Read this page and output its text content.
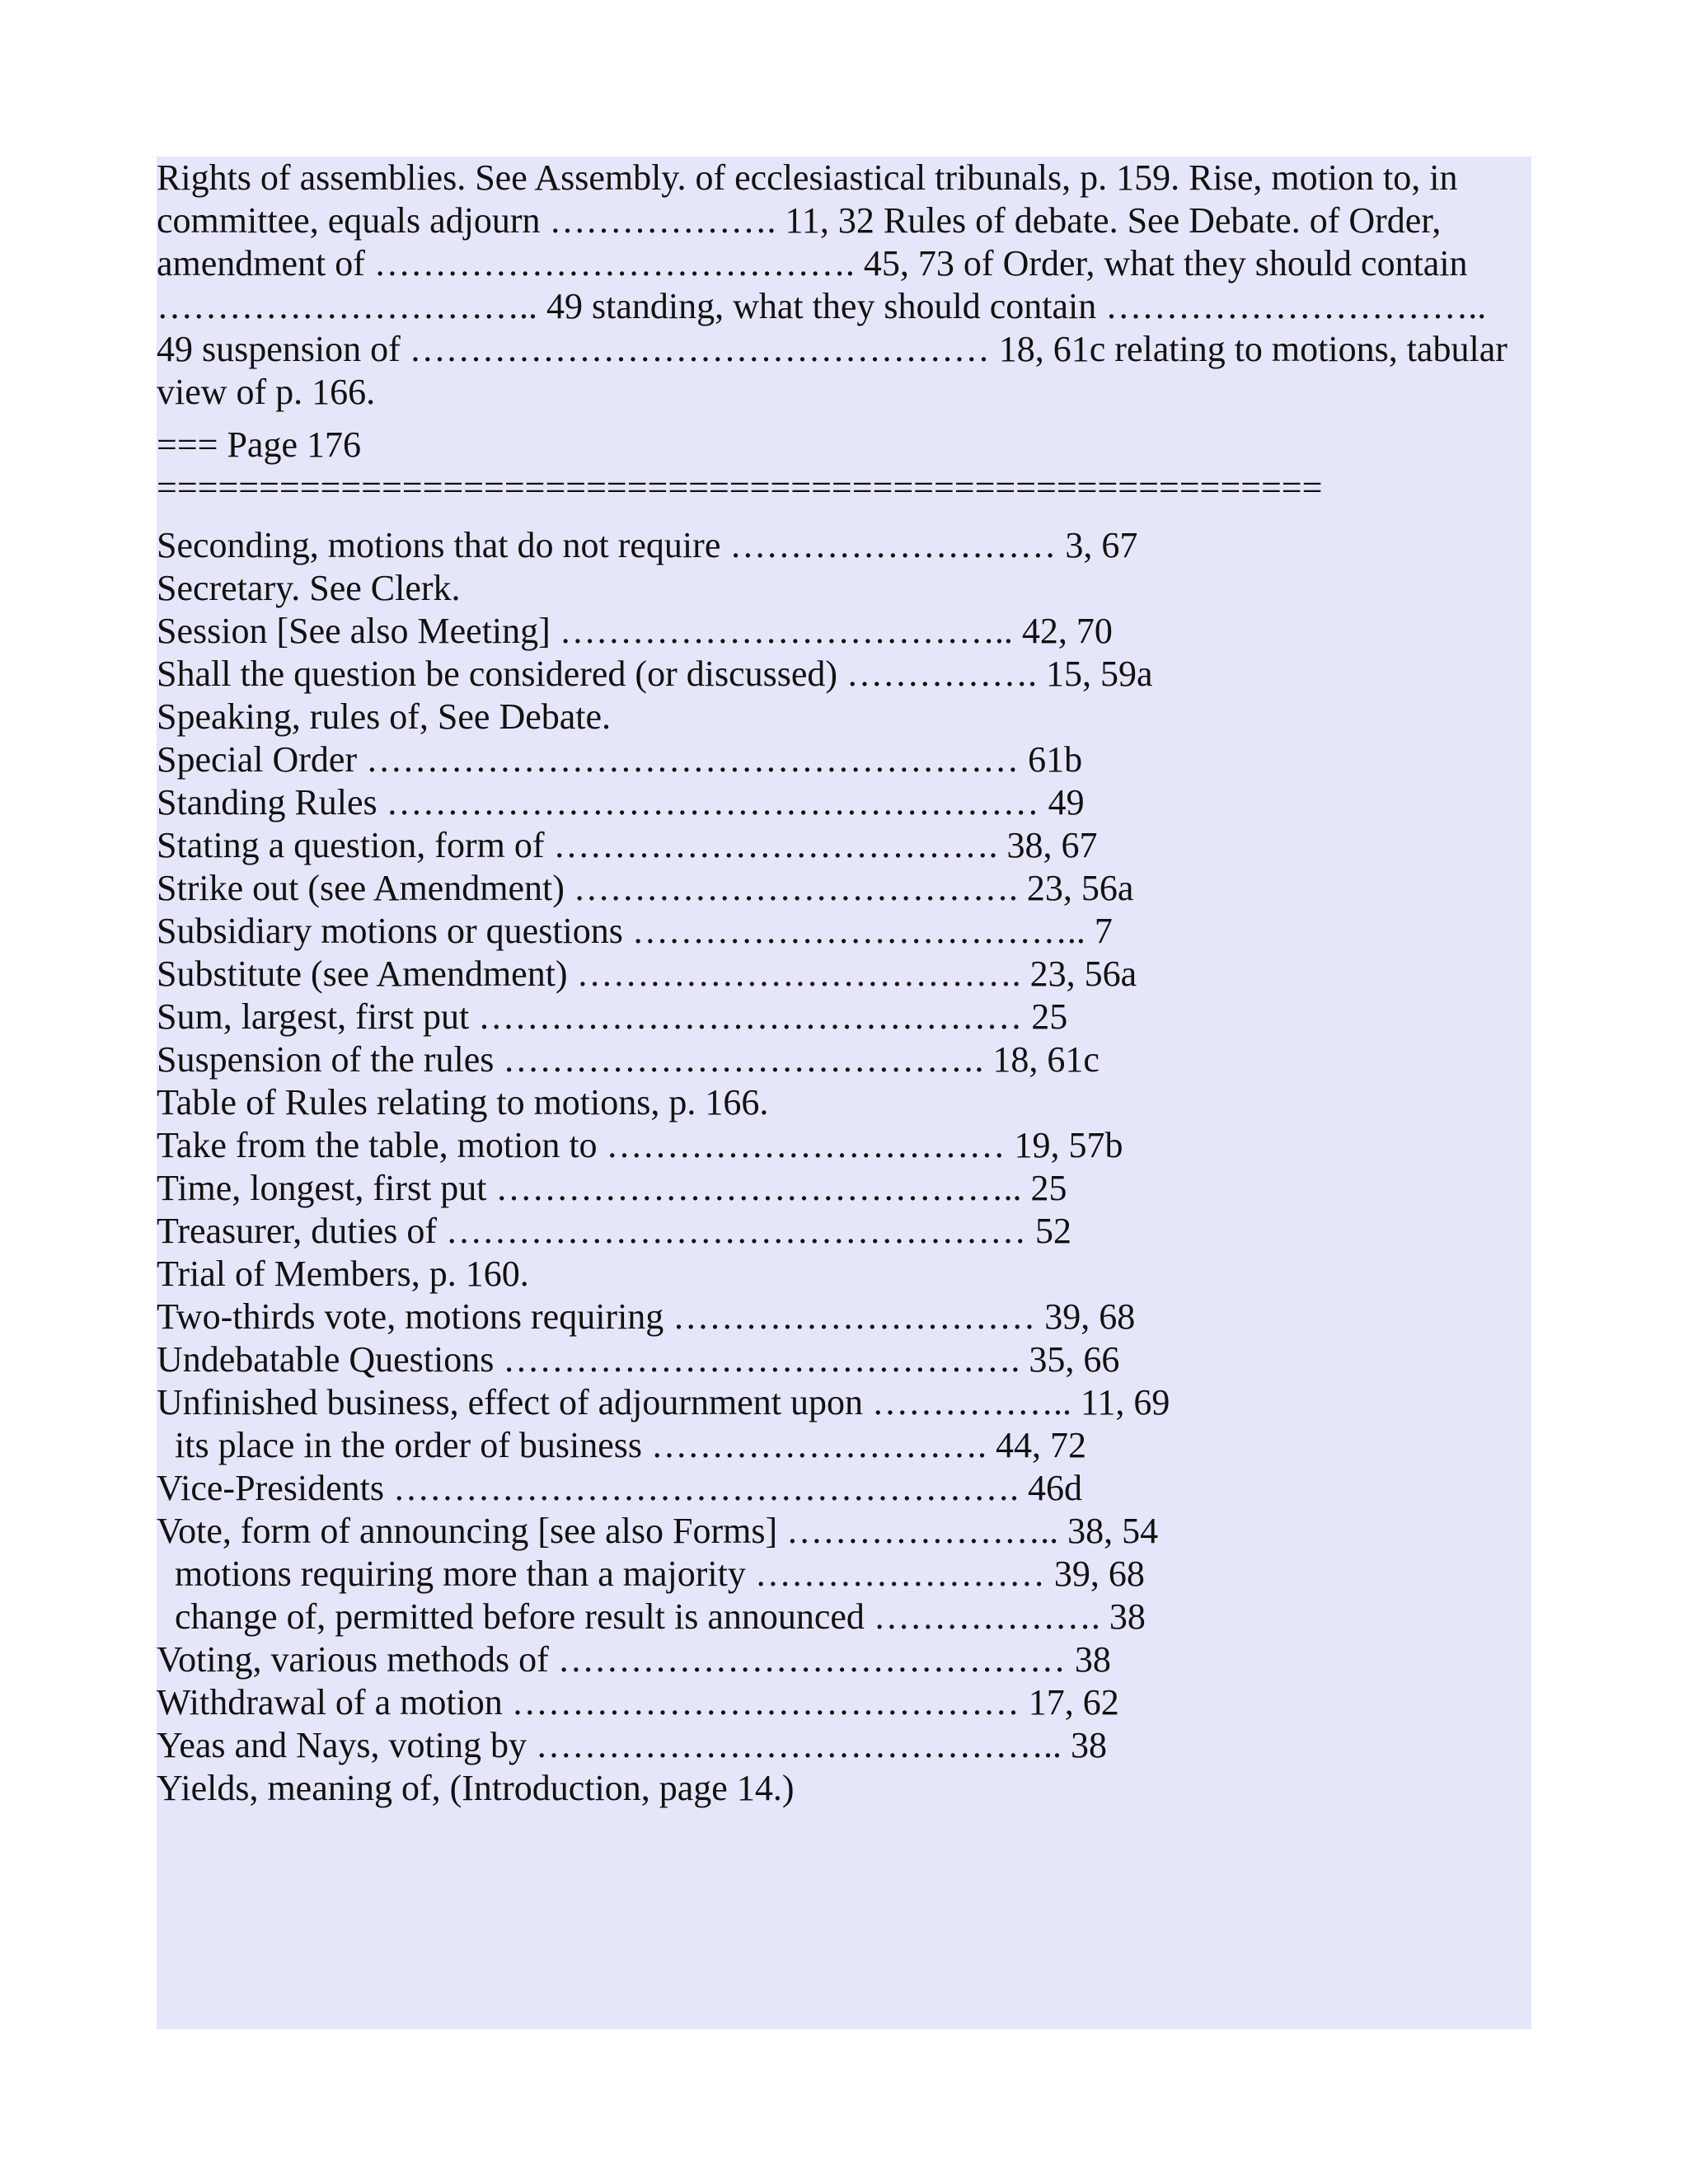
Rights of assemblies. See Assembly. of ecclesiastical tribunals, p. 159. Rise, motion to, in committee, equals adjourn ………………. 11, 32 Rules of debate. See Debate. of Order, amendment of …………………………………. 45, 73 of Order, what they should contain ………………………….. 49 standing, what they should contain ………………………….. 49 suspension of ………………………………………… 18, 61c relating to motions, tabular view of p. 166.

=== Page 176
=========================================================
Seconding, motions that do not require ……………………… 3, 67
Secretary. See Clerk.
Session [See also Meeting] ……………………………….. 42, 70
Shall the question be considered (or discussed) ……………. 15, 59a
Speaking, rules of, See Debate.
Special Order ……………………………………………… 61b
Standing Rules ……………………………………………… 49
Stating a question, form of ………………………………. 38, 67
Strike out (see Amendment) ………………………………. 23, 56a
Subsidiary motions or questions ……………………………….. 7
Substitute (see Amendment) ………………………………. 23, 56a
Sum, largest, first put ……………………………………… 25
Suspension of the rules …………………………………. 18, 61c
Table of Rules relating to motions, p. 166.
Take from the table, motion to …………………………… 19, 57b
Time, longest, first put …………………………………….. 25
Treasurer, duties of ………………………………………… 52
Trial of Members, p. 160.
Two-thirds vote, motions requiring ………………………… 39, 68
Undebatable Questions ……………………………………. 35, 66
Unfinished business, effect of adjournment upon …………….. 11, 69
its place in the order of business ………………………. 44, 72
Vice-Presidents ……………………………………………. 46d
Vote, form of announcing [see also Forms] ………………….. 38, 54
motions requiring more than a majority …………………… 39, 68
change of, permitted before result is announced ………………. 38
Voting, various methods of …………………………………… 38
Withdrawal of a motion …………………………………… 17, 62
Yeas and Nays, voting by …………………………………….. 38
Yields, meaning of, (Introduction, page 14.)
